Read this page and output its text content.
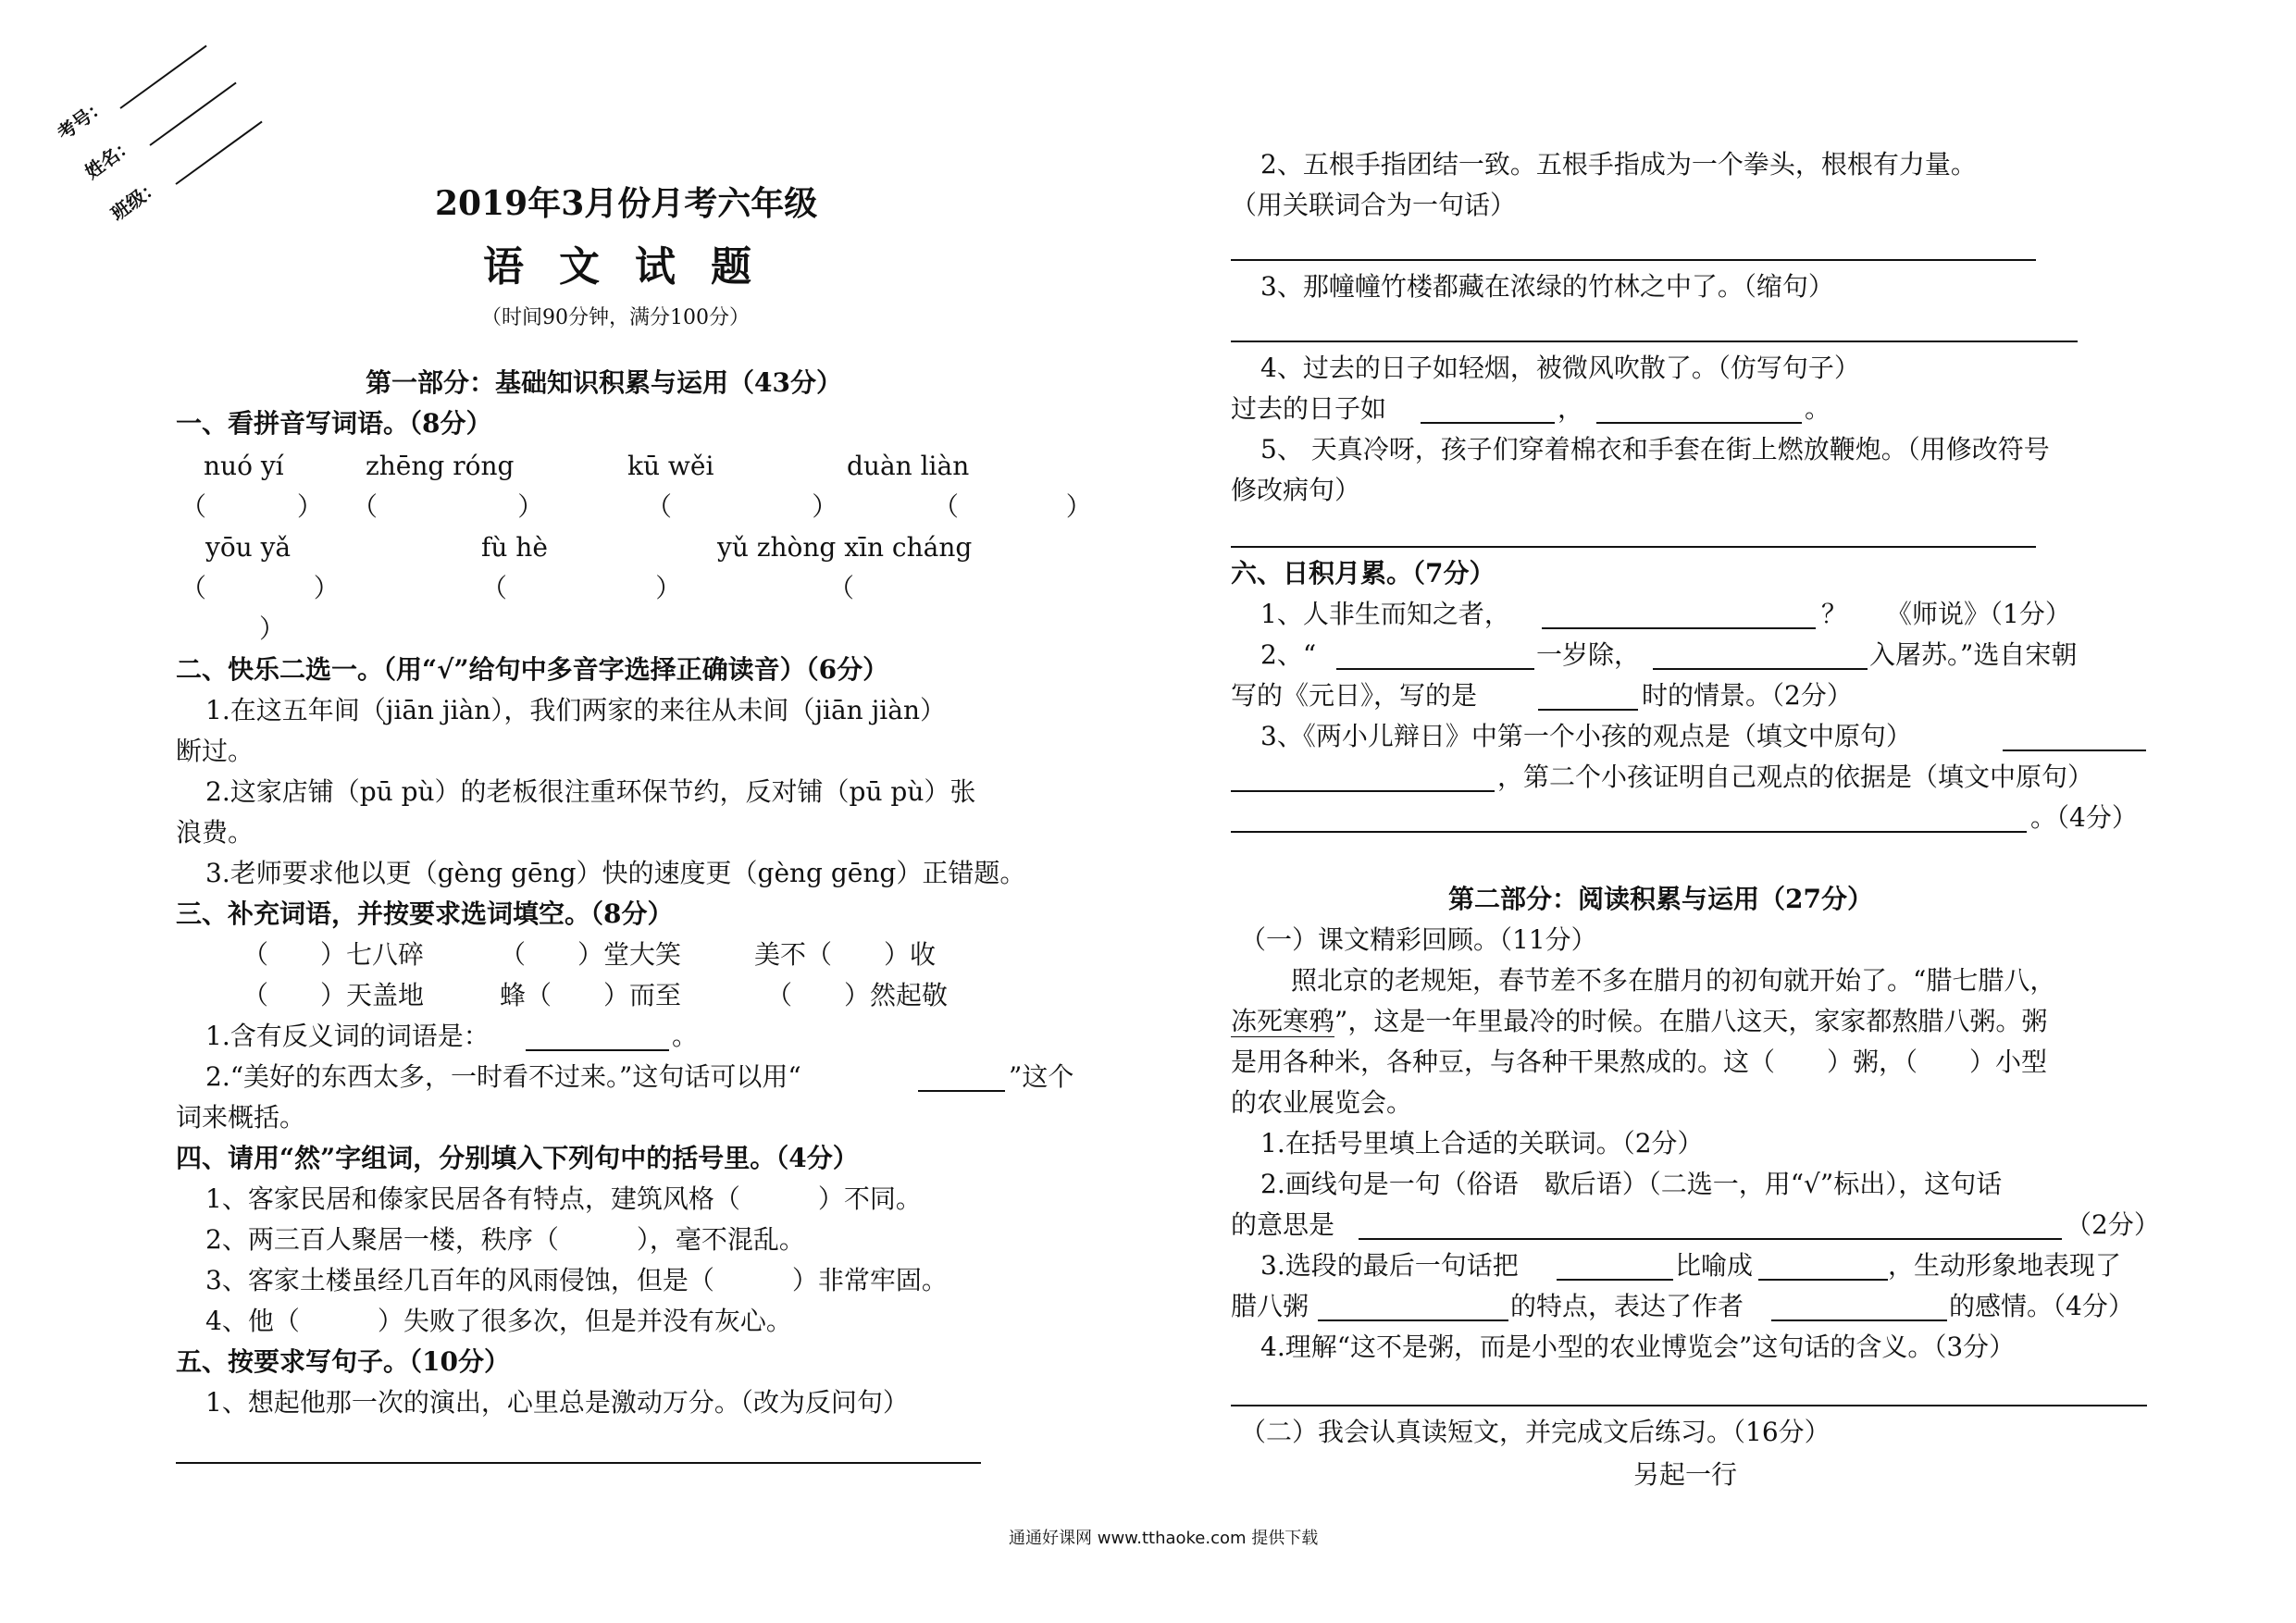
考号：
姓名：
班级：	2019年3月份月考六年级
语文试题
（时间90分钟，满分100分）
第一部分：基础知识积累与运用（43分）
一、看拼音写词语。（8分）
nuó yí	zhēng róng	kū wěi	duàn liàn
（           ） （                 ）	（                 ）	（             ）
yōu yǎ	fù hè	yǔ zhòng xīn cháng
（             ）	（                  ）	（
）
二、快乐二选一。（用“√”给句中多音字选择正确读音）（6分）
1.在这五年间（jiān jiàn），我们两家的来往从未间（jiān jiàn）
断过。
2.这家店铺（pū pù）的老板很注重环保节约，反对铺（pū pù）张
浪费。
3.老师要求他以更（gèng gēng）快的速度更（gèng gēng）正错题。
三、补充词语，并按要求选词填空。（8分）
（　　）七八碎	（　　）堂大笑	美不（　　）收
（　　）天盖地	蜂（　　）而至	（　　）然起敬
1.含有反义词的词语是：	。
2.“美好的东西太多，一时看不过来。”这句话可以用“	”这个
词来概括。
四、请用“然”字组词，分别填入下列句中的括号里。（4分）
1、客家民居和傣家民居各有特点，建筑风格（　　　）不同。
2、两三百人聚居一楼，秩序（　　　），毫不混乱。
3、客家土楼虽经几百年的风雨侵蚀，但是（　　　）非常牢固。
4、他（　　　）失败了很多次，但是并没有灰心。
五、按要求写句子。（10分）
1、想起他那一次的演出，心里总是激动万分。（改为反问句）
2、五根手指团结一致。五根手指成为一个拳头，根根有力量。
（用关联词合为一句话）
3、那幢幢竹楼都藏在浓绿的竹林之中了。（缩句）
4、过去的日子如轻烟，被微风吹散了。（仿写句子）
过去的日子如	，	。
5、 天真冷呀，孩子们穿着棉衣和手套在街上燃放鞭炮。（用修改符号
修改病句）
六、日积月累。（7分）
1、人非生而知之者，	？　　《师说》（1分）
2、“	一岁除，	入屠苏。”选自宋朝
写的《元日》，写的是	时的情景。（2分）
3、《两小儿辩日》中第一个小孩的观点是（填文中原句）
，第二个小孩证明自己观点的依据是（填文中原句）
。（4分）
第二部分：阅读积累与运用（27分）
（一）课文精彩回顾。（11分）
照北京的老规矩，春节差不多在腊月的初旬就开始了。“腊七腊八，
冻死寒鸦”，这是一年里最冷的时候。在腊八这天，家家都熬腊八粥。粥
是用各种米，各种豆，与各种干果熬成的。这（　　）粥，（　　）小型
的农业展览会。
1.在括号里填上合适的关联词。（2分）
2.画线句是一句（俗语　歇后语）（二选一，用“√”标出），这句话
的意思是	（2分）
3.选段的最后一句话把	比喻成	，生动形象地表现了
腊八粥	的特点，表达了作者	的感情。（4分）
4.理解“这不是粥，而是小型的农业博览会”这句话的含义。（3分）
（二）我会认真读短文，并完成文后练习。（16分）
另起一行
通通好课网 www.tthaoke.com 提供下载
